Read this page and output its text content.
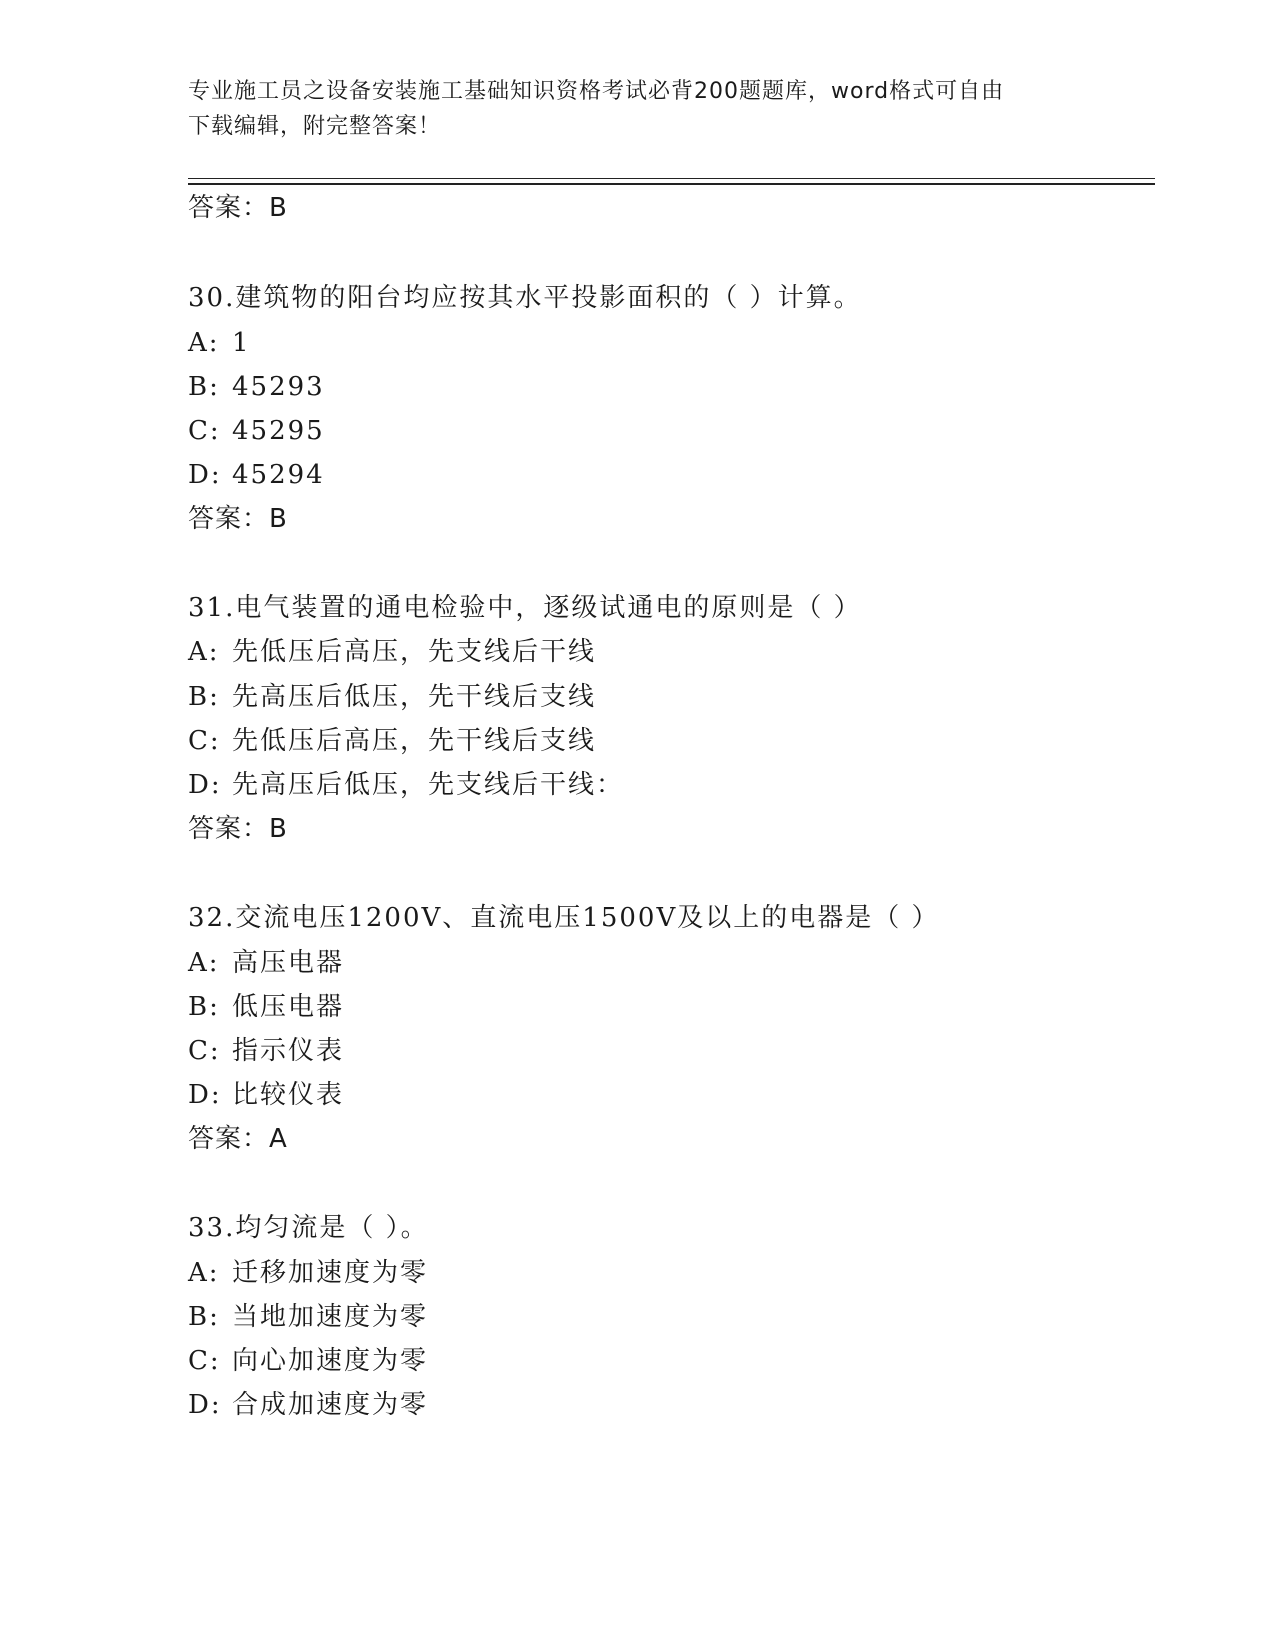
专业施工员之设备安装施工基础知识资格考试必背200题题库，word格式可自由
下载编辑，附完整答案！
答案：B
30.建筑物的阳台均应按其水平投影面积的（ ）计算。
A: 1
B: 45293
C: 45295
D: 45294
答案：B
31.电气装置的通电检验中，逐级试通电的原则是（ ）
A: 先低压后高压，先支线后干线
B: 先高压后低压，先干线后支线
C: 先低压后高压，先干线后支线
D: 先高压后低压，先支线后干线：
答案：B
32.交流电压1200V、直流电压1500V及以上的电器是（ ）
A: 高压电器
B: 低压电器
C: 指示仪表
D: 比较仪表
答案：A
33.均匀流是（ ）。
A: 迁移加速度为零
B: 当地加速度为零
C: 向心加速度为零
D: 合成加速度为零
